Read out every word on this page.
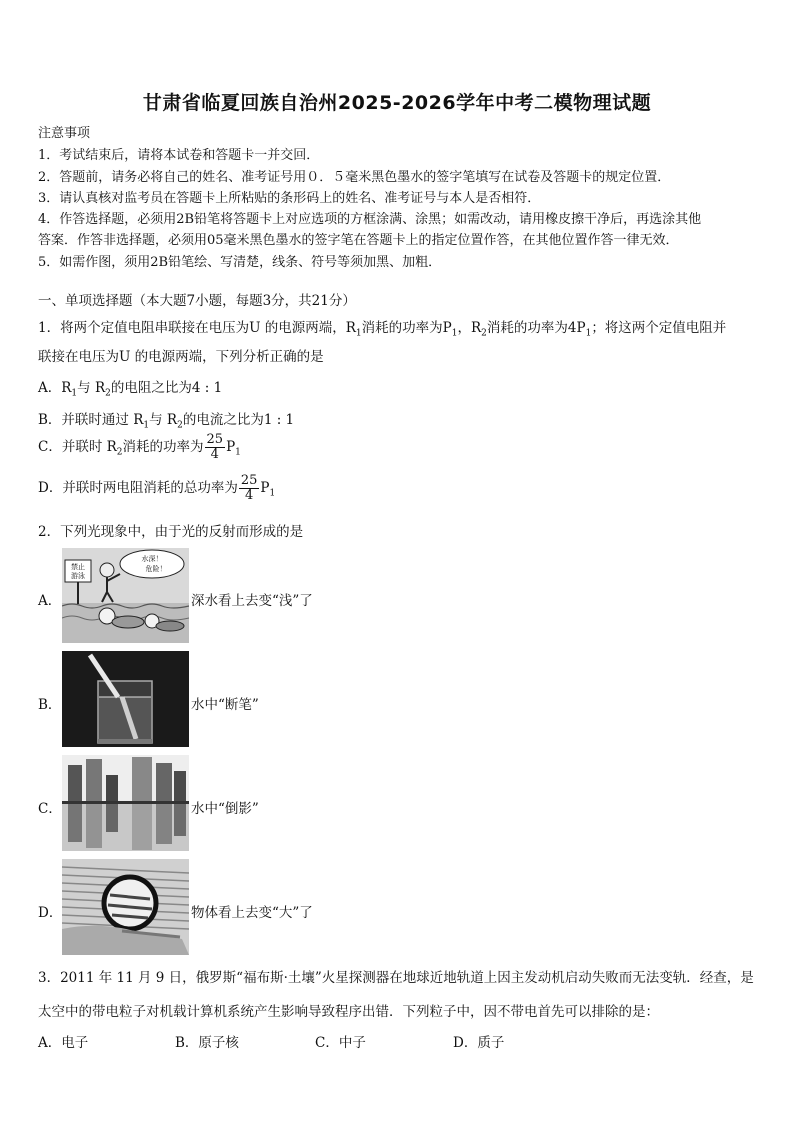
甘肃省临夏回族自治州2025-2026学年中考二模物理试题
注意事项
1．考试结束后，请将本试卷和答题卡一并交回．
2．答题前，请务必将自己的姓名、准考证号用０．５毫米黑色墨水的签字笔填写在试卷及答题卡的规定位置．
3．请认真核对监考员在答题卡上所粘贴的条形码上的姓名、准考证号与本人是否相符．
4．作答选择题，必须用2B铅笔将答题卡上对应选项的方框涂满、涂黑；如需改动，请用橡皮擦干净后，再选涂其他
答案．作答非选择题，必须用05毫米黑色墨水的签字笔在答题卡上的指定位置作答，在其他位置作答一律无效．
5．如需作图，须用2B铅笔绘、写清楚，线条、符号等须加黑、加粗．
一、单项选择题（本大题7小题，每题3分，共21分）
1．将两个定值电阻串联接在电压为U 的电源两端，$R_1$消耗的功率为$P_1$，$R_2$消耗的功率为$4P_1$；将这两个定值电阻并
联接在电压为U 的电源两端，下列分析正确的是
A．$R_1$与 $R_2$的电阻之比为4 : 1
B．并联时通过 $R_1$与 $R_2$的电流之比为1 : 1
C．并联时 $R_2$消耗的功率为 $\frac{25}{4} P_1$
D．并联时两电阻消耗的总功率为 $\frac{25}{4} P_1$
2．下列光现象中，由于光的反射而形成的是
A．
禁止
游泳
水深！
危险！
深水看上去变“浅”了
B．	水中“断笔”
C．	水中“倒影”
D．	物体看上去变“大”了
3．2011 年 11 月 9 日，俄罗斯“福布斯·土壤”火星探测器在地球近地轨道上因主发动机启动失败而无法变轨．经查，是
太空中的带电粒子对机载计算机系统产生影响导致程序出错．下列粒子中，因不带电首先可以排除的是：
A．电子	B．原子核	C．中子	D．质子
